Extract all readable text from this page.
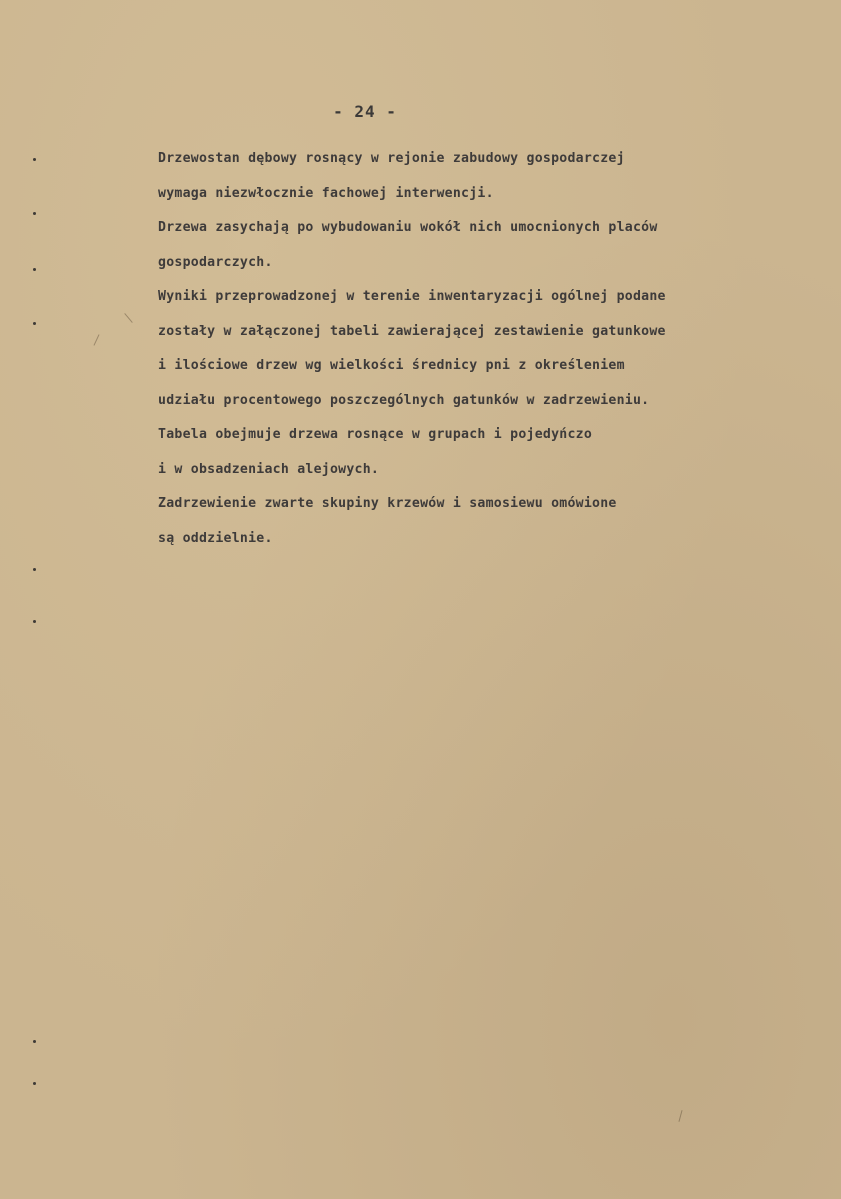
- 24 -
Drzewostan dębowy rosnący w rejonie zabudowy gospodarczej
wymaga niezwłocznie fachowej interwencji.
Drzewa zasychają po wybudowaniu wokół nich umocnionych placów
gospodarczych.
Wyniki przeprowadzonej w terenie inwentaryzacji ogólnej podane
zostały w załączonej tabeli zawierającej zestawienie gatunkowe
i ilościowe drzew wg wielkości średnicy pni z określeniem
udziału procentowego poszczególnych gatunków w zadrzewieniu.
Tabela obejmuje drzewa rosnące w grupach i pojedyńczo
i w obsadzeniach alejowych.
Zadrzewienie zwarte skupiny krzewów i samosiewu omówione
są oddzielnie.
